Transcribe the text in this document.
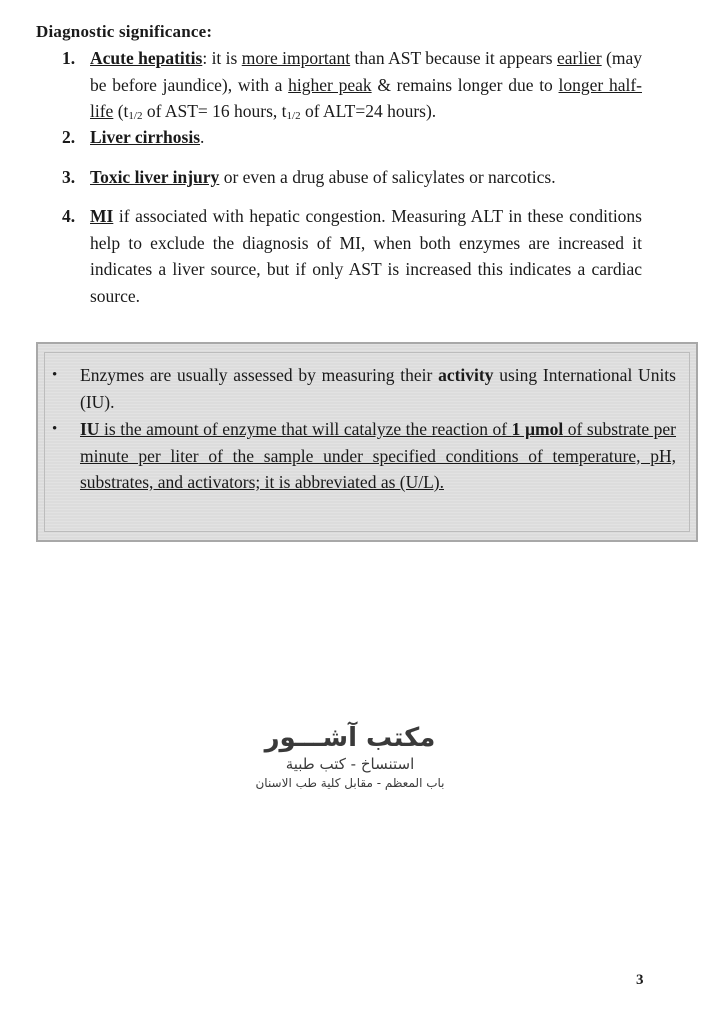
Diagnostic significance:
1. Acute hepatitis: it is more important than AST because it appears earlier (may be before jaundice), with a higher peak & remains longer due to longer half-life (t1/2 of AST= 16 hours, t1/2 of ALT=24 hours).
2. Liver cirrhosis.
3. Toxic liver injury or even a drug abuse of salicylates or narcotics.
4. MI if associated with hepatic congestion. Measuring ALT in these conditions help to exclude the diagnosis of MI, when both enzymes are increased it indicates a liver source, but if only AST is increased this indicates a cardiac source.
• Enzymes are usually assessed by measuring their activity using International Units (IU).
• IU is the amount of enzyme that will catalyze the reaction of 1 µmol of substrate per minute per liter of the sample under specified conditions of temperature, pH, substrates, and activators; it is abbreviated as (U/L).
مكتب آشـــور
استنساخ - كتب طبية
باب المعظم - مقابل كلية طب الاسنان
3
